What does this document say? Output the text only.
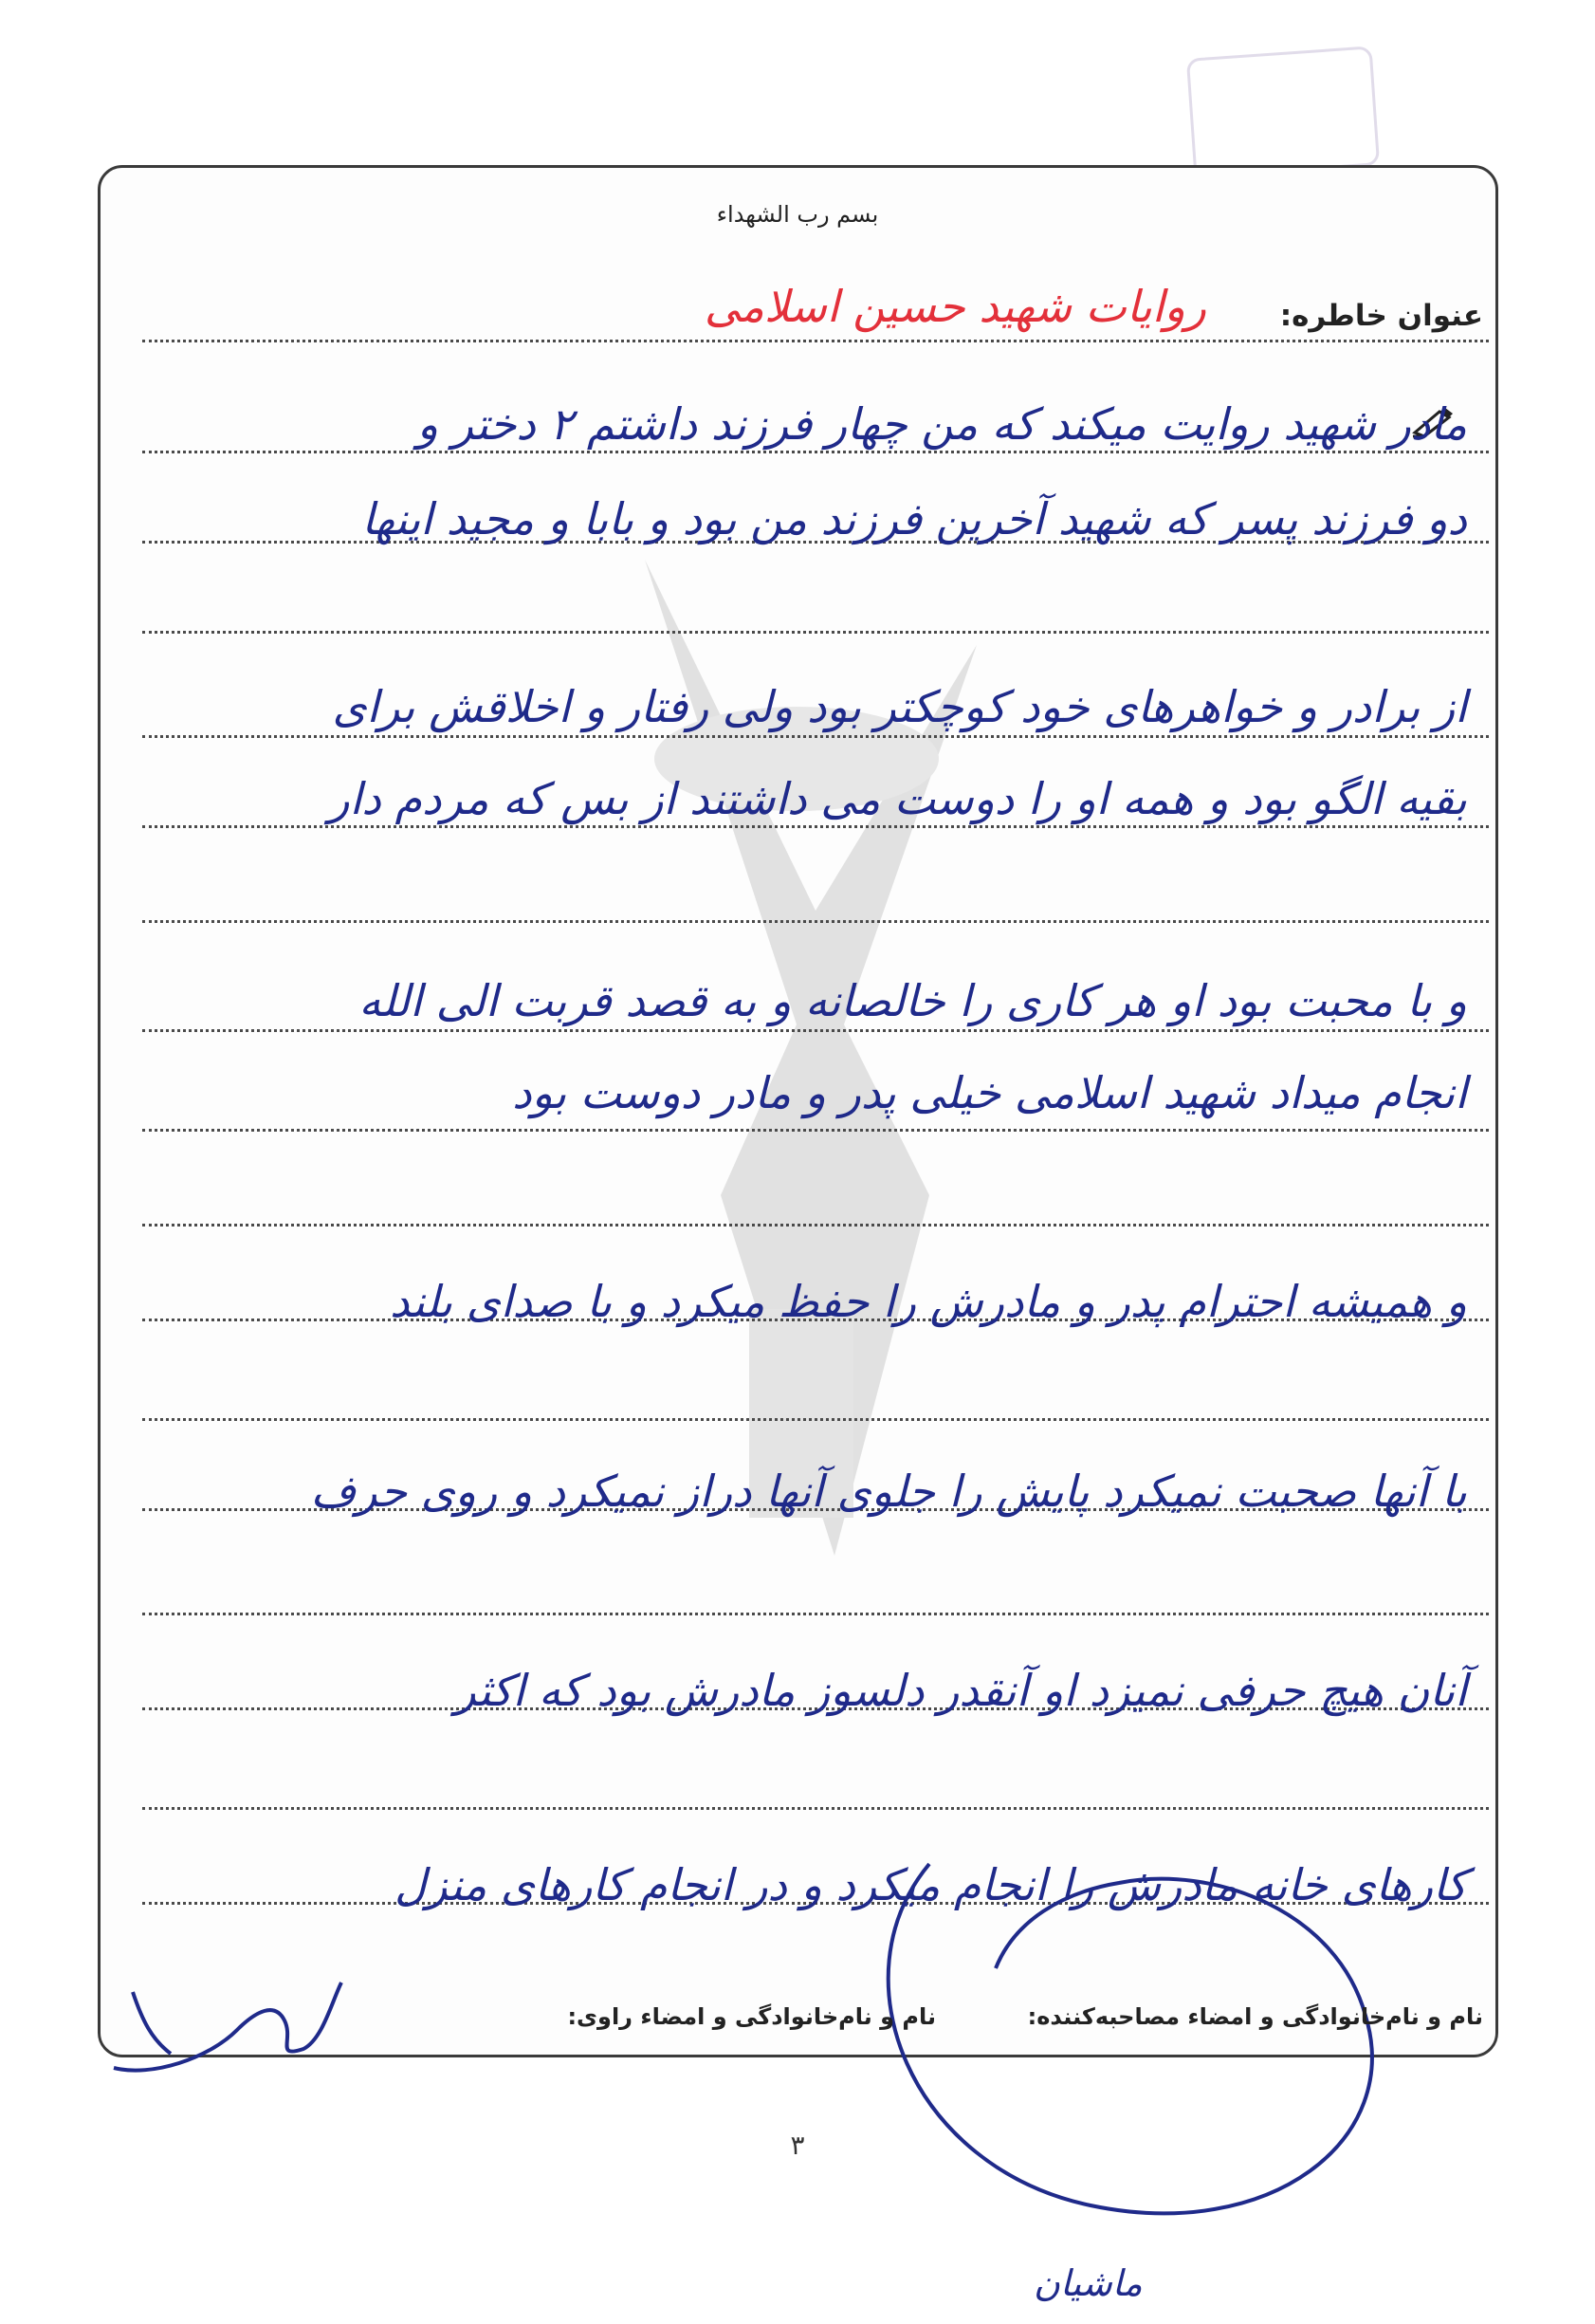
بسم رب الشهداء
عنوان خاطره:
روایات شهید حسین اسلامی
مادر شهید روایت میکند که من چهار فرزند داشتم ۲ دختر و
دو فرزند پسر که شهید آخرین فرزند من بود و بابا و مجید اینها
از برادر و خواهرهای خود کوچکتر بود ولی رفتار و اخلاقش برای
بقیه الگو بود و همه او را دوست می داشتند از بس که مردم دار
و با محبت بود او هر کاری را خالصانه و به قصد قربت الی الله
انجام میداد شهید اسلامی خیلی پدر و مادر دوست بود
و همیشه احترام پدر و مادرش را حفظ میکرد و با صدای بلند
با آنها صحبت نمیکرد پایش را جلوی آنها دراز نمیکرد و روی حرف
آنان هیچ حرفی نمیزد او آنقدر دلسوز مادرش بود که اکثر
کارهای خانه مادرش را انجام میکرد و در انجام کارهای منزل
نام و نام‌خانوادگی و امضاء مصاحبه‌کننده:
نام و نام‌خانوادگی و امضاء راوی:
۳
ماشیان
